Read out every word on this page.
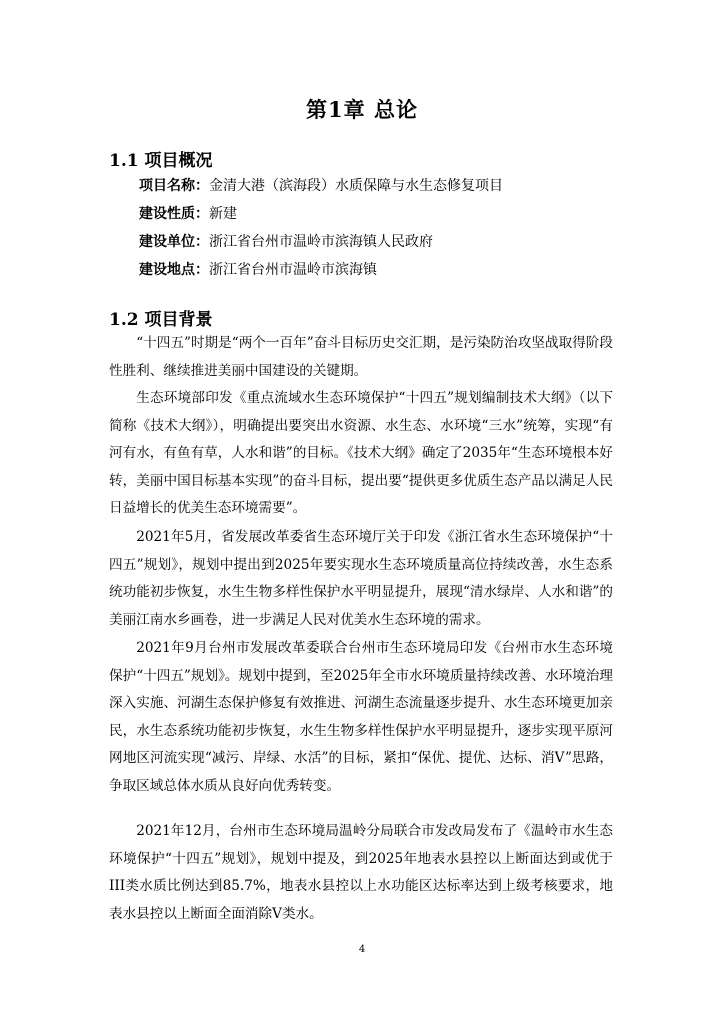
第1章 总论
1.1 项目概况
项目名称：金清大港（滨海段）水质保障与水生态修复项目
建设性质：新建
建设单位：浙江省台州市温岭市滨海镇人民政府
建设地点：浙江省台州市温岭市滨海镇
1.2 项目背景
“十四五”时期是“两个一百年”奋斗目标历史交汇期，是污染防治攻坚战取得阶段性胜利、继续推进美丽中国建设的关键期。
生态环境部印发《重点流域水生态环境保护“十四五”规划编制技术大纲》（以下简称《技术大纲》），明确提出要突出水资源、水生态、水环境“三水”统筹，实现“有河有水，有鱼有草，人水和谐”的目标。《技术大纲》确定了2035年“生态环境根本好转，美丽中国目标基本实现”的奋斗目标，提出要“提供更多优质生态产品以满足人民日益增长的优美生态环境需要”。
2021年5月，省发展改革委省生态环境厅关于印发《浙江省水生态环境保护“十四五”规划》，规划中提出到2025年要实现水生态环境质量高位持续改善，水生态系统功能初步恢复，水生生物多样性保护水平明显提升，展现“清水绿岸、人水和谐”的美丽江南水乡画卷，进一步满足人民对优美水生态环境的需求。
2021年9月台州市发展改革委联合台州市生态环境局印发《台州市水生态环境保护“十四五”规划》。规划中提到，至2025年全市水环境质量持续改善、水环境治理深入实施、河湖生态保护修复有效推进、河湖生态流量逐步提升、水生态环境更加亲民，水生态系统功能初步恢复，水生生物多样性保护水平明显提升，逐步实现平原河网地区河流实现“减污、岸绿、水活”的目标，紧扣“保优、提优、达标、消V”思路，争取区域总体水质从良好向优秀转变。
2021年12月，台州市生态环境局温岭分局联合市发改局发布了《温岭市水生态环境保护“十四五”规划》，规划中提及，到2025年地表水县控以上断面达到或优于III类水质比例达到85.7%，地表水县控以上水功能区达标率达到上级考核要求，地表水县控以上断面全面消除V类水。
4
